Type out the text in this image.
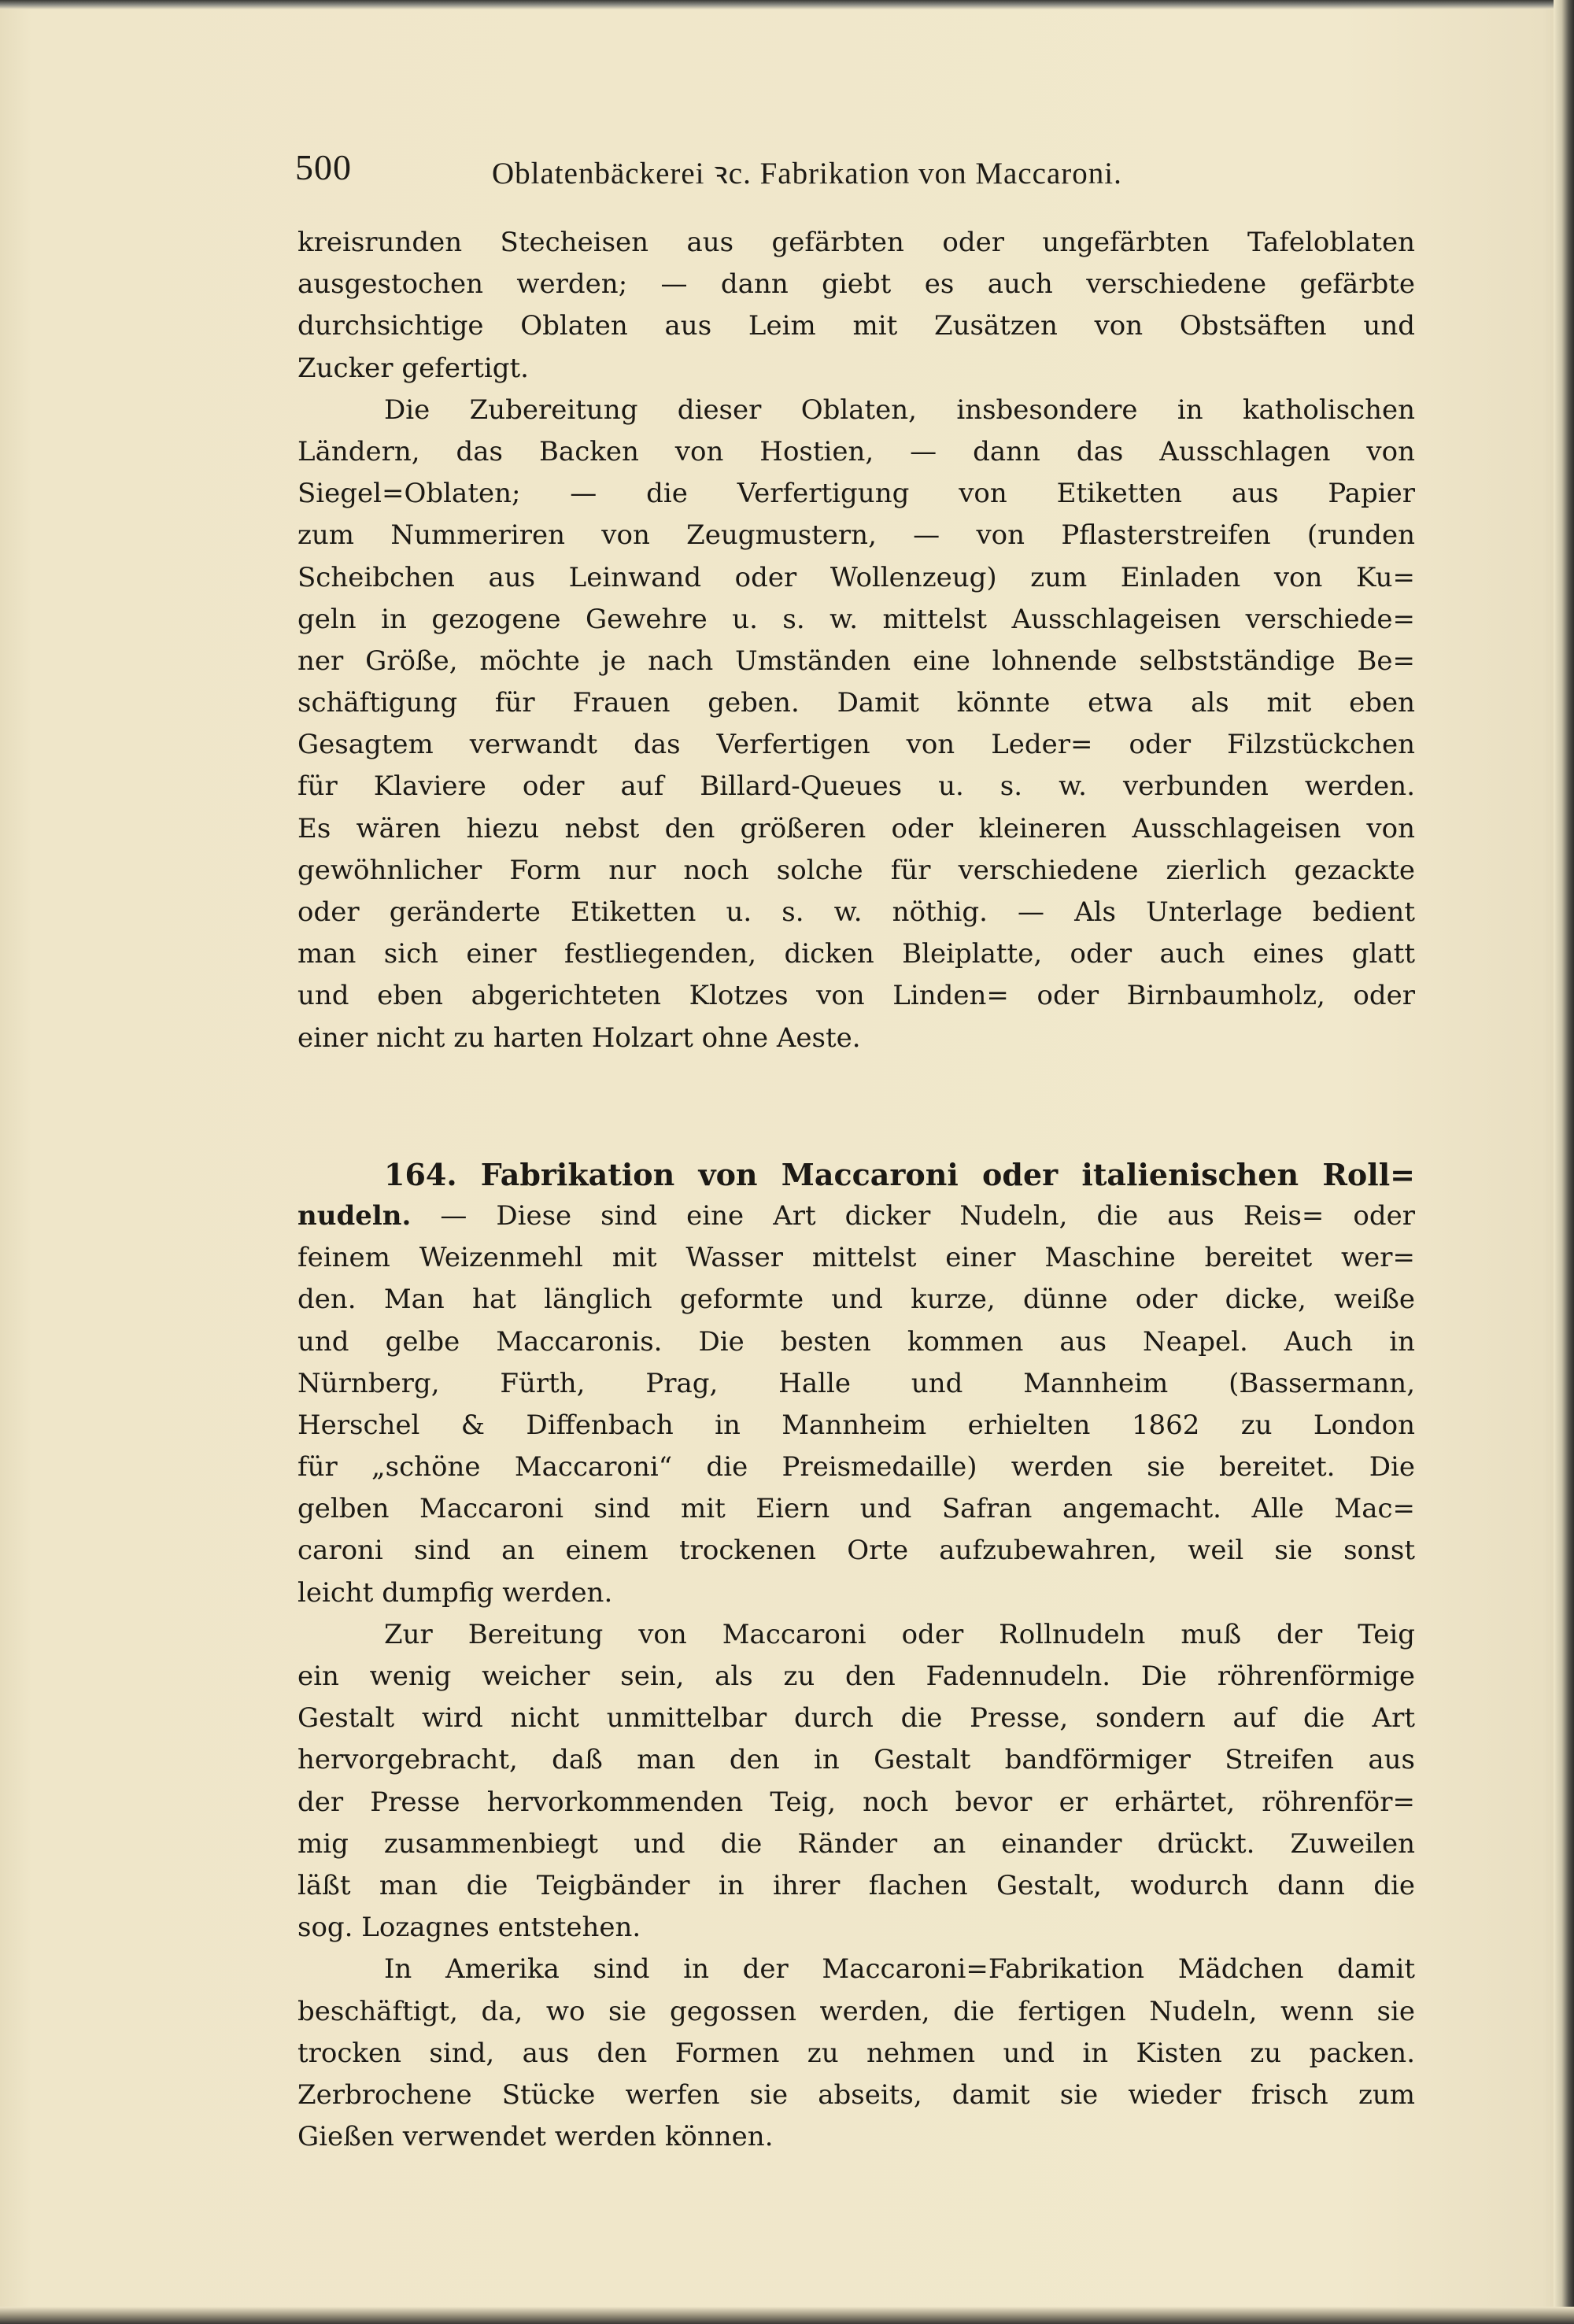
500	Oblatenbäckerei ꝛc. Fabrikation von Maccaroni.
kreisrunden Stecheisen aus gefärbten oder ungefärbten Tafeloblaten
ausgestochen werden; — dann giebt es auch verschiedene gefärbte
durchsichtige Oblaten aus Leim mit Zusätzen von Obstsäften und
Zucker gefertigt.
Die Zubereitung dieser Oblaten, insbesondere in katholischen
Ländern, das Backen von Hostien, — dann das Ausschlagen von
Siegel=Oblaten; — die Verfertigung von Etiketten aus Papier
zum Nummeriren von Zeugmustern, — von Pflasterstreifen (runden
Scheibchen aus Leinwand oder Wollenzeug) zum Einladen von Ku=
geln in gezogene Gewehre u. s. w. mittelst Ausschlageisen verschiede=
ner Größe, möchte je nach Umständen eine lohnende selbstständige Be=
schäftigung für Frauen geben. Damit könnte etwa als mit eben
Gesagtem verwandt das Verfertigen von Leder= oder Filzstückchen
für Klaviere oder auf Billard-Queues u. s. w. verbunden werden.
Es wären hiezu nebst den größeren oder kleineren Ausschlageisen von
gewöhnlicher Form nur noch solche für verschiedene zierlich gezackte
oder geränderte Etiketten u. s. w. nöthig. — Als Unterlage bedient
man sich einer festliegenden, dicken Bleiplatte, oder auch eines glatt
und eben abgerichteten Klotzes von Linden= oder Birnbaumholz, oder
einer nicht zu harten Holzart ohne Aeste.
164. Fabrikation von Maccaroni oder italienischen Roll=
nudeln. — Diese sind eine Art dicker Nudeln, die aus Reis= oder
feinem Weizenmehl mit Wasser mittelst einer Maschine bereitet wer=
den. Man hat länglich geformte und kurze, dünne oder dicke, weiße
und gelbe Maccaronis. Die besten kommen aus Neapel. Auch in
Nürnberg, Fürth, Prag, Halle und Mannheim (Bassermann,
Herschel & Diffenbach in Mannheim erhielten 1862 zu London
für „schöne Maccaroni“ die Preismedaille) werden sie bereitet. Die
gelben Maccaroni sind mit Eiern und Safran angemacht. Alle Mac=
caroni sind an einem trockenen Orte aufzubewahren, weil sie sonst
leicht dumpfig werden.
Zur Bereitung von Maccaroni oder Rollnudeln muß der Teig
ein wenig weicher sein, als zu den Fadennudeln. Die röhrenförmige
Gestalt wird nicht unmittelbar durch die Presse, sondern auf die Art
hervorgebracht, daß man den in Gestalt bandförmiger Streifen aus
der Presse hervorkommenden Teig, noch bevor er erhärtet, röhrenför=
mig zusammenbiegt und die Ränder an einander drückt. Zuweilen
läßt man die Teigbänder in ihrer flachen Gestalt, wodurch dann die
sog. Lozagnes entstehen.
In Amerika sind in der Maccaroni=Fabrikation Mädchen damit
beschäftigt, da, wo sie gegossen werden, die fertigen Nudeln, wenn sie
trocken sind, aus den Formen zu nehmen und in Kisten zu packen.
Zerbrochene Stücke werfen sie abseits, damit sie wieder frisch zum
Gießen verwendet werden können.
